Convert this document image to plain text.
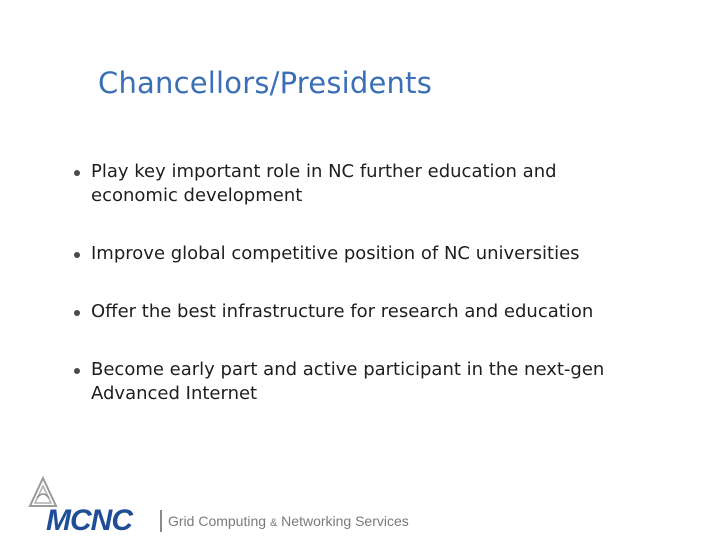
Chancellors/Presidents
Play key important role in NC further education and
economic development
Improve global competitive position of NC universities
Offer the best infrastructure for research and education
Become early part and active participant in the next-gen
Advanced Internet
MCNC	Grid Computing & Networking Services
